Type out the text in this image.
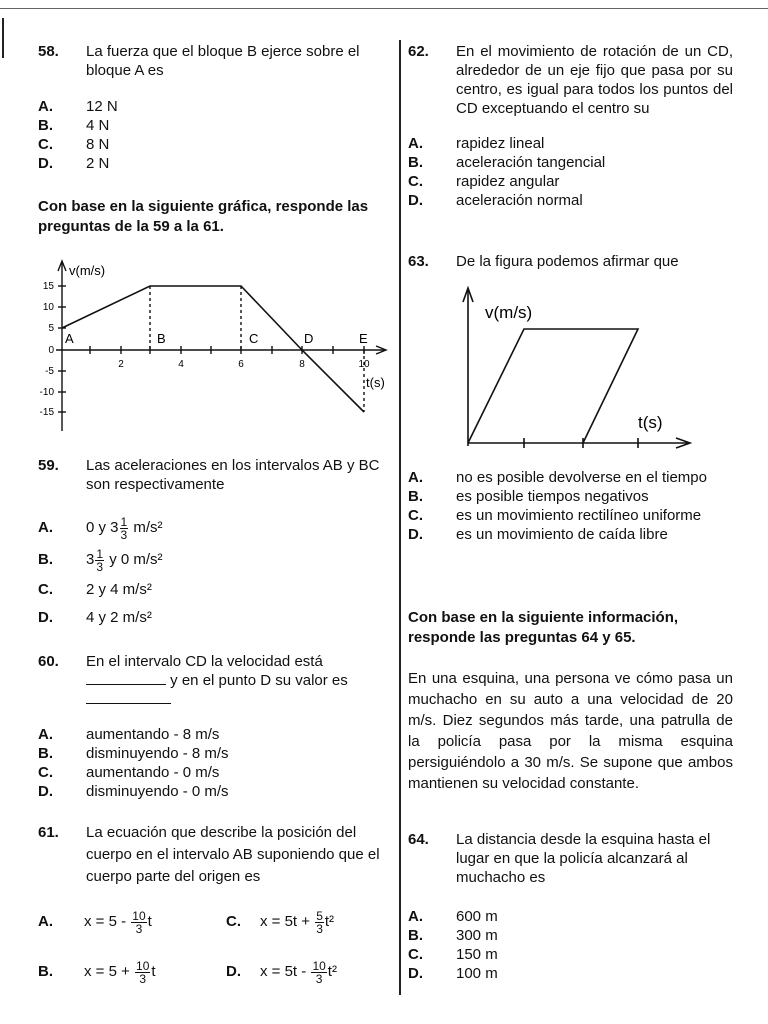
58. La fuerza que el bloque B ejerce sobre el bloque A es
A. 12 N
B. 4 N
C. 8 N
D. 2 N
Con base en la siguiente gráfica, responde las preguntas de la 59 a la 61.
v(m/s)
t(s)
15
10
5
0
-5
-10
-15
2	4	6	8	10
A	B	C	D	E
59. Las aceleraciones en los intervalos AB y BC son respectivamente
A. 0 y $3 \frac{1}{3} m/s^2$
B. $3 \frac{1}{3}$ y 0 m/s²
C. 2 y 4 m/s²
D. 4 y 2 m/s²
60. En el intervalo CD la velocidad está
y en el punto D su valor es
A. aumentando - 8 m/s
B. disminuyendo - 8 m/s
C. aumentando - 0 m/s
D. disminuyendo - 0 m/s
61. La ecuación que describe la posición del cuerpo en el intervalo AB suponiendo que el cuerpo parte del origen es
A. $x = 5 - \frac{10}{3}$ t	C. $x = 5t + \frac{5}{3} t^2$
B. $x = 5 + \frac{10}{3}$ t	D. $x = 5t - \frac{10}{3} t^2$
62. En el movimiento de rotación de un CD, alrededor de un eje fijo que pasa por su centro, es igual para todos los puntos del CD exceptuando el centro su
A. rapidez lineal
B. aceleración tangencial
C. rapidez angular
D. aceleración normal
63. De la figura podemos afirmar que
v(m/s)
t(s)
A. no es posible devolverse en el tiempo
B. es posible tiempos negativos
C. es un movimiento rectilíneo uniforme
D. es un movimiento de caída libre
Con base en la siguiente información, responde las preguntas 64 y 65.
En una esquina, una persona ve cómo pasa un muchacho en su auto a una velocidad de 20 m/s. Diez segundos más tarde, una patrulla de la policía pasa por la misma esquina persiguiéndolo a 30 m/s. Se supone que ambos mantienen su velocidad constante.
64. La distancia desde la esquina hasta el lugar en que la policía alcanzará al muchacho es
A. 600 m
B. 300 m
C. 150 m
D. 100 m
